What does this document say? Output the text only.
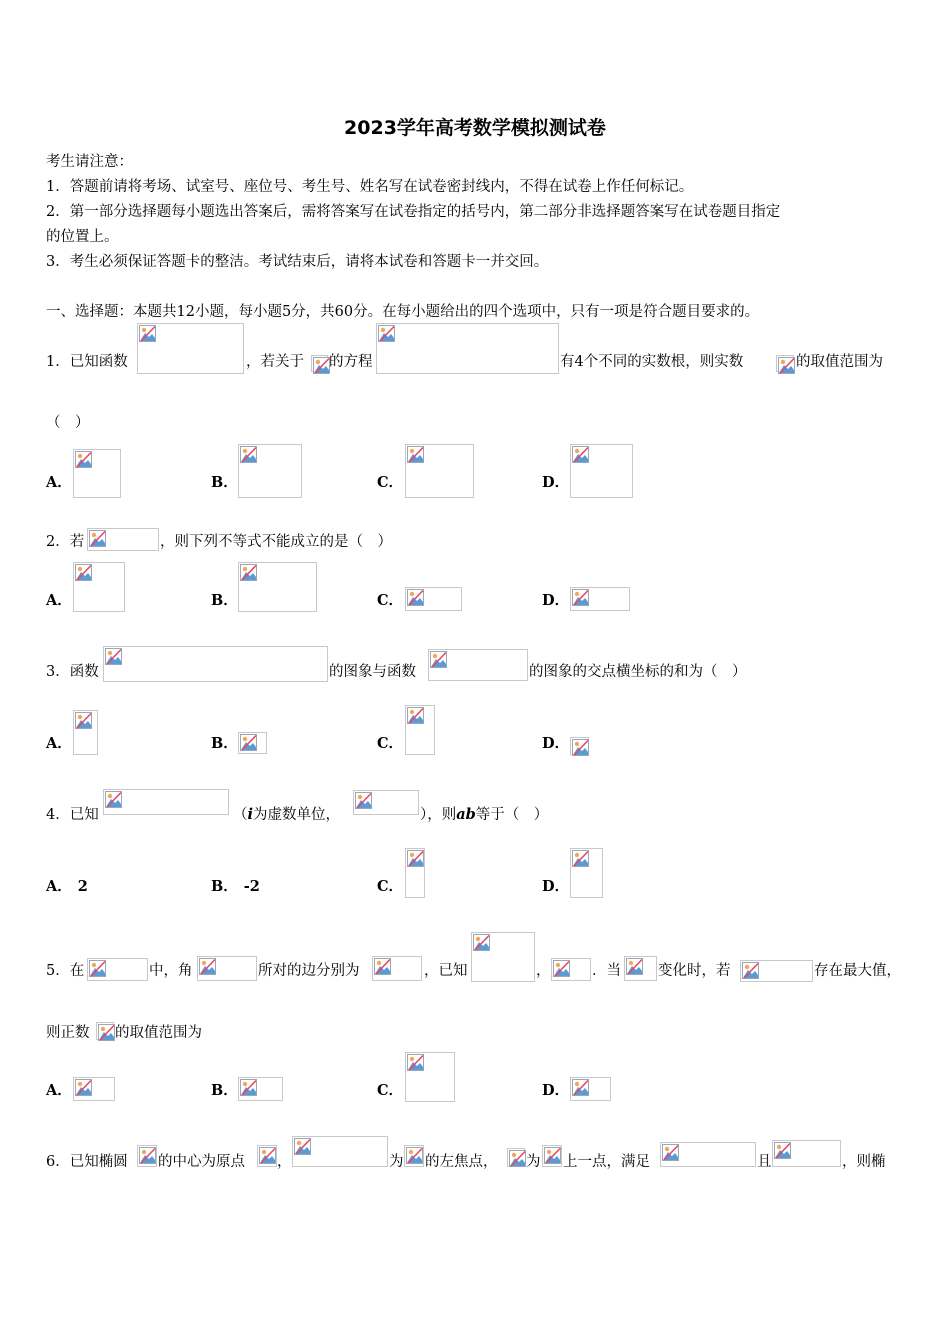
2023学年高考数学模拟测试卷
考生请注意：
1．答题前请将考场、试室号、座位号、考生号、姓名写在试卷密封线内，不得在试卷上作任何标记。
2．第一部分选择题每小题选出答案后，需将答案写在试卷指定的括号内，第二部分非选择题答案写在试卷题目指定
的位置上。
3．考生必须保证答题卡的整洁。考试结束后，请将本试卷和答题卡一并交回。
一、选择题：本题共12小题，每小题5分，共60分。在每小题给出的四个选项中，只有一项是符合题目要求的。
1．已知函数	，若关于 的方程	有4个不同的实数根，则实数	的取值范围为
（　）
A．	B．	C．	D．
2．若	，则下列不等式不能成立的是（　）
A．	B．	C．	D．
3．函数	的图象与函数	的图象的交点横坐标的和为（　）
A．	B．	C．	D．
4．已知	（i为虚数单位，	），则ab等于（　）
A． 2	B． -2	C．	D．
5．在	中，角	所对的边分别为	，已知	，	．当	变化时，若	存在最大值，
则正数 的取值范围为
A．	B．	C．	D．
6．已知椭圆 的中心为原点 ，	为 的左焦点， 为 上一点，满足	且	，则椭
